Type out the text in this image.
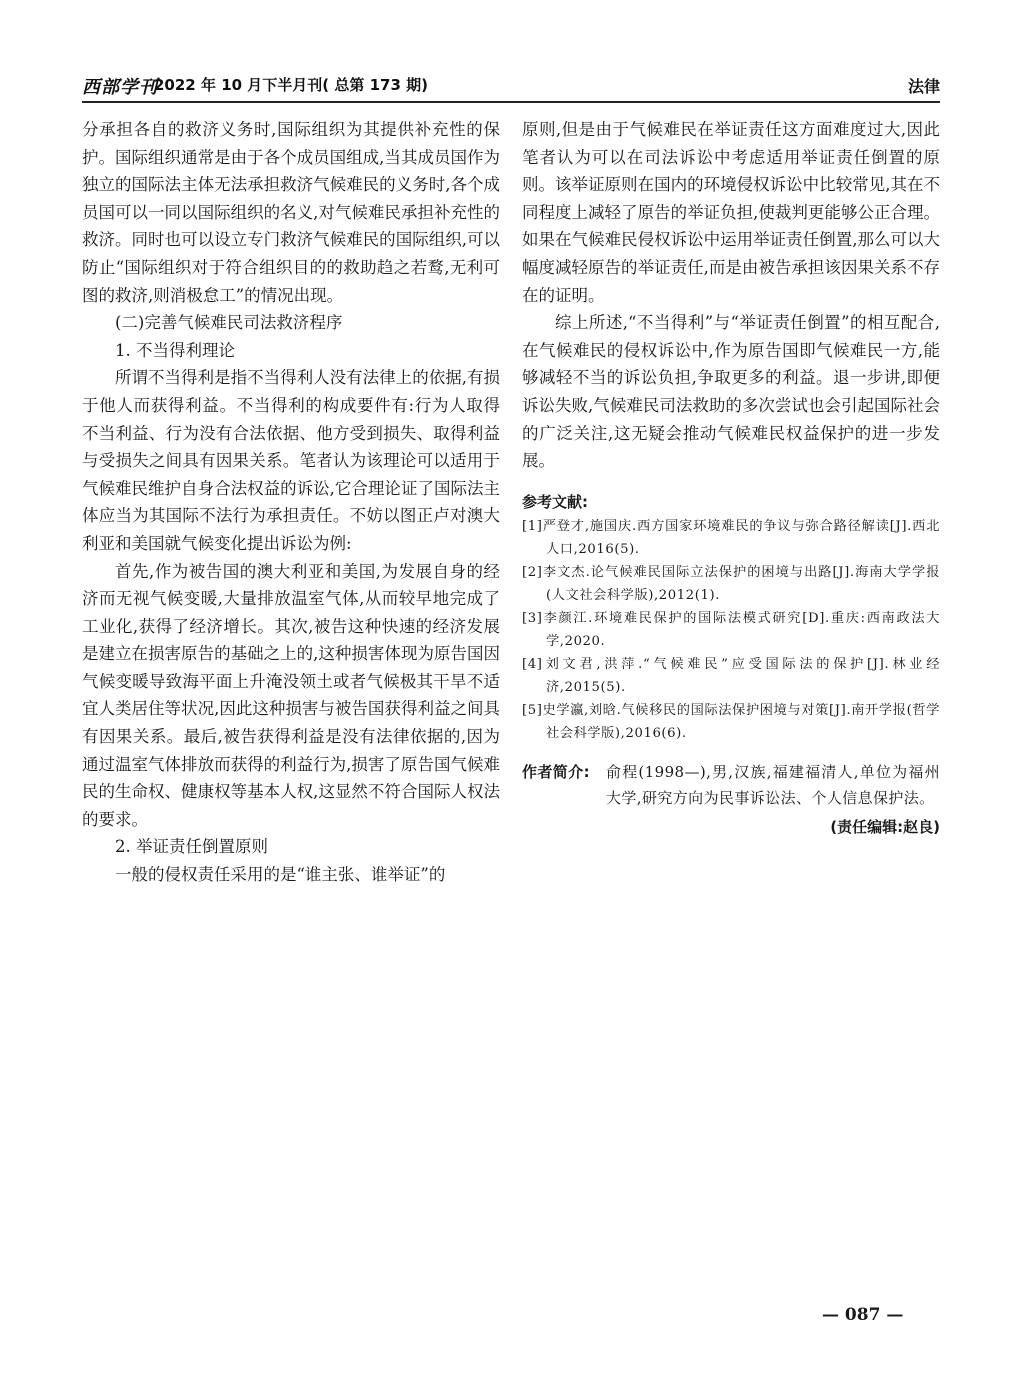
西部学刊
2022 年 10 月下半月刊( 总第 173 期)	法律

分承担各自的救济义务时,国际组织为其提供补充性的保护。国际组织通常是由于各个成员国组成,当其成员国作为独立的国际法主体无法承担救济气候难民的义务时,各个成员国可以一同以国际组织的名义,对气候难民承担补充性的救济。同时也可以设立专门救济气候难民的国际组织,可以防止“国际组织对于符合组织目的的救助趋之若鹜,无利可图的救济,则消极怠工”的情况出现。

(二)完善气候难民司法救济程序

1. 不当得利理论

所谓不当得利是指不当得利人没有法律上的依据,有损于他人而获得利益。不当得利的构成要件有:行为人取得不当利益、行为没有合法依据、他方受到损失、取得利益与受损失之间具有因果关系。笔者认为该理论可以适用于气候难民维护自身合法权益的诉讼,它合理论证了国际法主体应当为其国际不法行为承担责任。不妨以图正卢对澳大利亚和美国就气候变化提出诉讼为例:

首先,作为被告国的澳大利亚和美国,为发展自身的经济而无视气候变暖,大量排放温室气体,从而较早地完成了工业化,获得了经济增长。其次,被告这种快速的经济发展是建立在损害原告的基础之上的,这种损害体现为原告国因气候变暖导致海平面上升淹没领土或者气候极其干旱不适宜人类居住等状况,因此这种损害与被告国获得利益之间具有因果关系。最后,被告获得利益是没有法律依据的,因为通过温室气体排放而获得的利益行为,损害了原告国气候难民的生命权、健康权等基本人权,这显然不符合国际人权法的要求。

2. 举证责任倒置原则

一般的侵权责任采用的是“谁主张、谁举证”的

原则,但是由于气候难民在举证责任这方面难度过大,因此笔者认为可以在司法诉讼中考虑适用举证责任倒置的原则。该举证原则在国内的环境侵权诉讼中比较常见,其在不同程度上减轻了原告的举证负担,使裁判更能够公正合理。如果在气候难民侵权诉讼中运用举证责任倒置,那么可以大幅度减轻原告的举证责任,而是由被告承担该因果关系不存在的证明。

综上所述,“不当得利”与“举证责任倒置”的相互配合,在气候难民的侵权诉讼中,作为原告国即气候难民一方,能够减轻不当的诉讼负担,争取更多的利益。退一步讲,即便诉讼失败,气候难民司法救助的多次尝试也会引起国际社会的广泛关注,这无疑会推动气候难民权益保护的进一步发展。

参考文献:
[1]严登才,施国庆.西方国家环境难民的争议与弥合路径解读[J].西北人口,2016(5).
[2]李文杰.论气候难民国际立法保护的困境与出路[J].海南大学学报(人文社会科学版),2012(1).
[3]李颜江.环境难民保护的国际法模式研究[D].重庆:西南政法大学,2020.
[4]刘文君,洪萍.“气候难民”应受国际法的保护[J].林业经济,2015(5).
[5]史学瀛,刘晗.气候移民的国际法保护困境与对策[J].南开学报(哲学社会科学版),2016(6).
作者简介: 俞程(1998—),男,汉族,福建福清人,单位为福州大学,研究方向为民事诉讼法、个人信息保护法。
(责任编辑:赵良)
— 087 —
